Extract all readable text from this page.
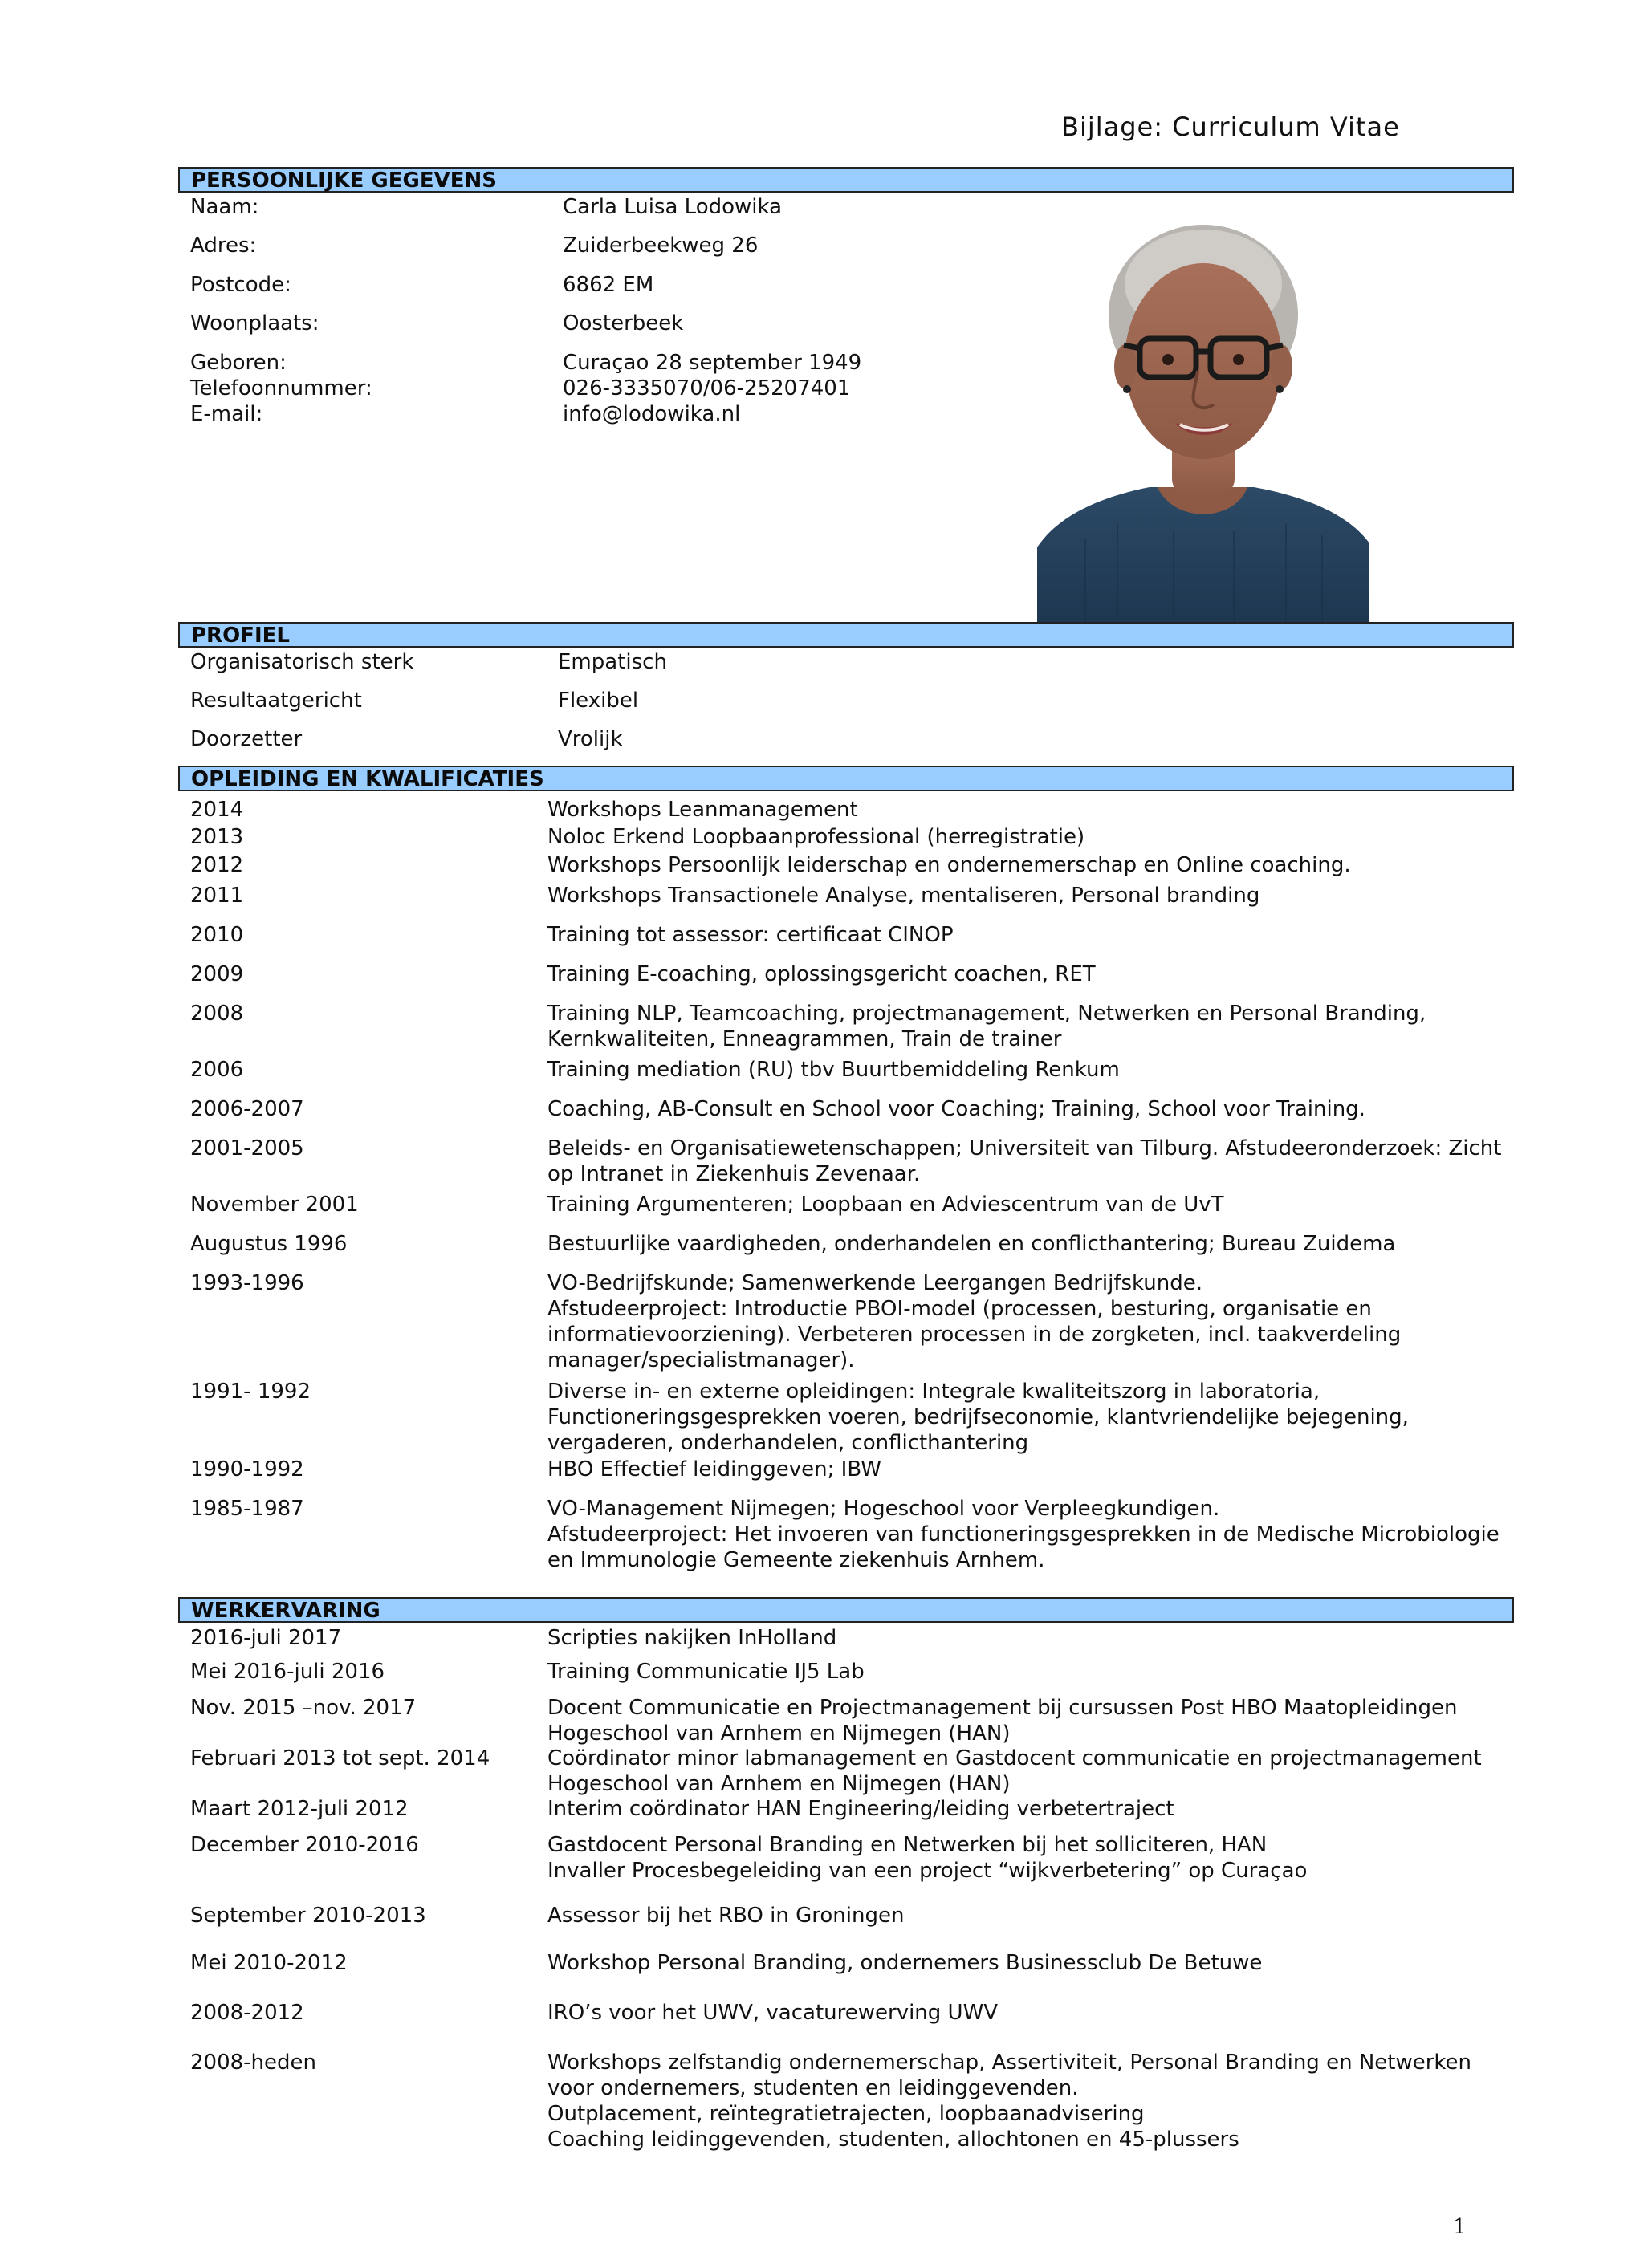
Bijlage: Curriculum Vitae
PERSOONLIJKE GEGEVENS
Naam:	Carla Luisa Lodowika
Adres:	Zuiderbeekweg 26
Postcode:	6862 EM
Woonplaats:	Oosterbeek
Geboren:	Curaçao 28 september 1949
Telefoonnummer:	026-3335070/06-25207401
E-mail:	info@lodowika.nl
PROFIEL
Organisatorisch sterk	Empatisch
Resultaatgericht	Flexibel
Doorzetter	Vrolijk
OPLEIDING EN KWALIFICATIES
2014	Workshops Leanmanagement
2013	Noloc Erkend Loopbaanprofessional (herregistratie)
2012	Workshops Persoonlijk leiderschap en ondernemerschap en Online coaching.
2011	Workshops Transactionele Analyse, mentaliseren, Personal branding
2010	Training tot assessor: certificaat CINOP
2009	Training E-coaching, oplossingsgericht coachen, RET
2008	Training NLP, Teamcoaching, projectmanagement, Netwerken en Personal Branding,
Kernkwaliteiten, Enneagrammen, Train de trainer
2006	Training mediation (RU) tbv Buurtbemiddeling Renkum
2006-2007	Coaching, AB-Consult en School voor Coaching; Training, School voor Training.
2001-2005	Beleids- en Organisatiewetenschappen; Universiteit van Tilburg. Afstudeeronderzoek: Zicht
op Intranet in Ziekenhuis Zevenaar.
November 2001	Training Argumenteren; Loopbaan en Adviescentrum van de UvT
Augustus 1996	Bestuurlijke vaardigheden, onderhandelen en conflicthantering; Bureau Zuidema
1993-1996	VO-Bedrijfskunde; Samenwerkende Leergangen Bedrijfskunde.
Afstudeerproject: Introductie PBOI-model (processen, besturing, organisatie en
informatievoorziening). Verbeteren processen in de zorgketen, incl. taakverdeling
manager/specialistmanager).
1991- 1992	Diverse in- en externe opleidingen: Integrale kwaliteitszorg in laboratoria,
Functioneringsgesprekken voeren, bedrijfseconomie, klantvriendelijke bejegening,
vergaderen, onderhandelen, conflicthantering
1990-1992	HBO Effectief leidinggeven; IBW
1985-1987	VO-Management Nijmegen; Hogeschool voor Verpleegkundigen.
Afstudeerproject: Het invoeren van functioneringsgesprekken in de Medische Microbiologie
en Immunologie Gemeente ziekenhuis Arnhem.
WERKERVARING
2016-juli 2017	Scripties nakijken InHolland
Mei 2016-juli 2016	Training Communicatie IJ5 Lab
Nov. 2015 –nov. 2017	Docent Communicatie en Projectmanagement bij cursussen Post HBO Maatopleidingen
Hogeschool van Arnhem en Nijmegen (HAN)
Februari 2013 tot sept. 2014	Coördinator minor labmanagement en Gastdocent communicatie en projectmanagement
Hogeschool van Arnhem en Nijmegen (HAN)
Maart 2012-juli 2012	Interim coördinator HAN Engineering/leiding verbetertraject
December 2010-2016	Gastdocent Personal Branding en Netwerken bij het solliciteren, HAN
Invaller Procesbegeleiding van een project “wijkverbetering” op Curaçao
September 2010-2013	Assessor bij het RBO in Groningen
Mei 2010-2012	Workshop Personal Branding, ondernemers Businessclub De Betuwe
2008-2012	IRO’s voor het UWV, vacaturewerving UWV
2008-heden	Workshops zelfstandig ondernemerschap, Assertiviteit, Personal Branding en Netwerken
voor ondernemers, studenten en leidinggevenden.
Outplacement, reïntegratietrajecten, loopbaanadvisering
Coaching leidinggevenden, studenten, allochtonen en 45-plussers
1
